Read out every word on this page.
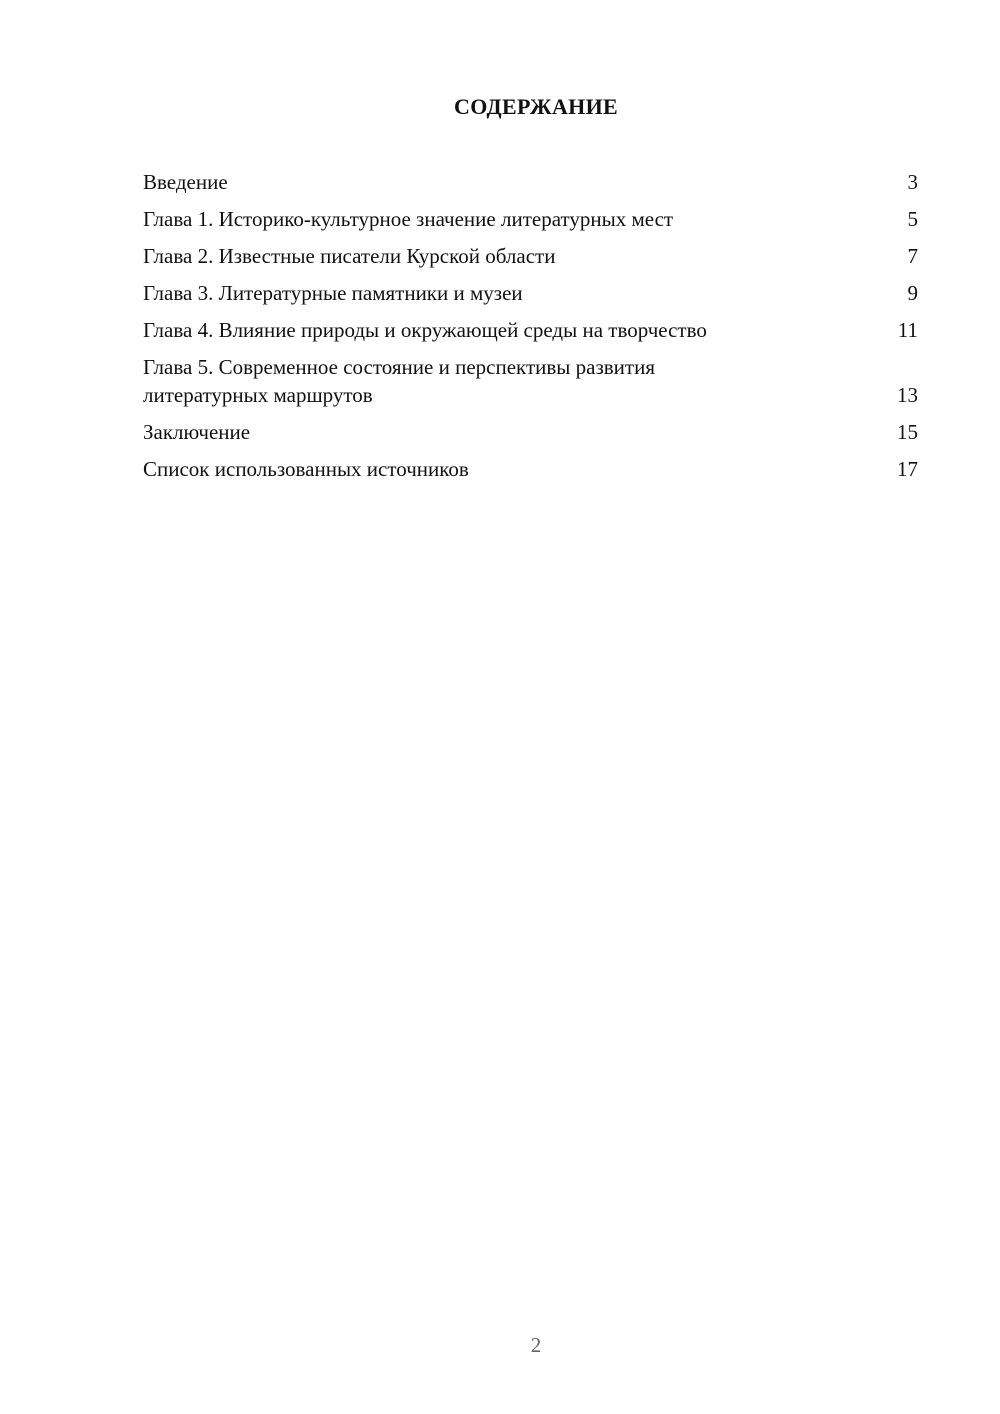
СОДЕРЖАНИЕ
Введение	3
Глава 1. Историко-культурное значение литературных мест	5
Глава 2. Известные писатели Курской области	7
Глава 3. Литературные памятники и музеи	9
Глава 4. Влияние природы и окружающей среды на творчество	11
Глава 5. Современное состояние и перспективы развития литературных маршрутов	13
Заключение	15
Список использованных источников	17
2
